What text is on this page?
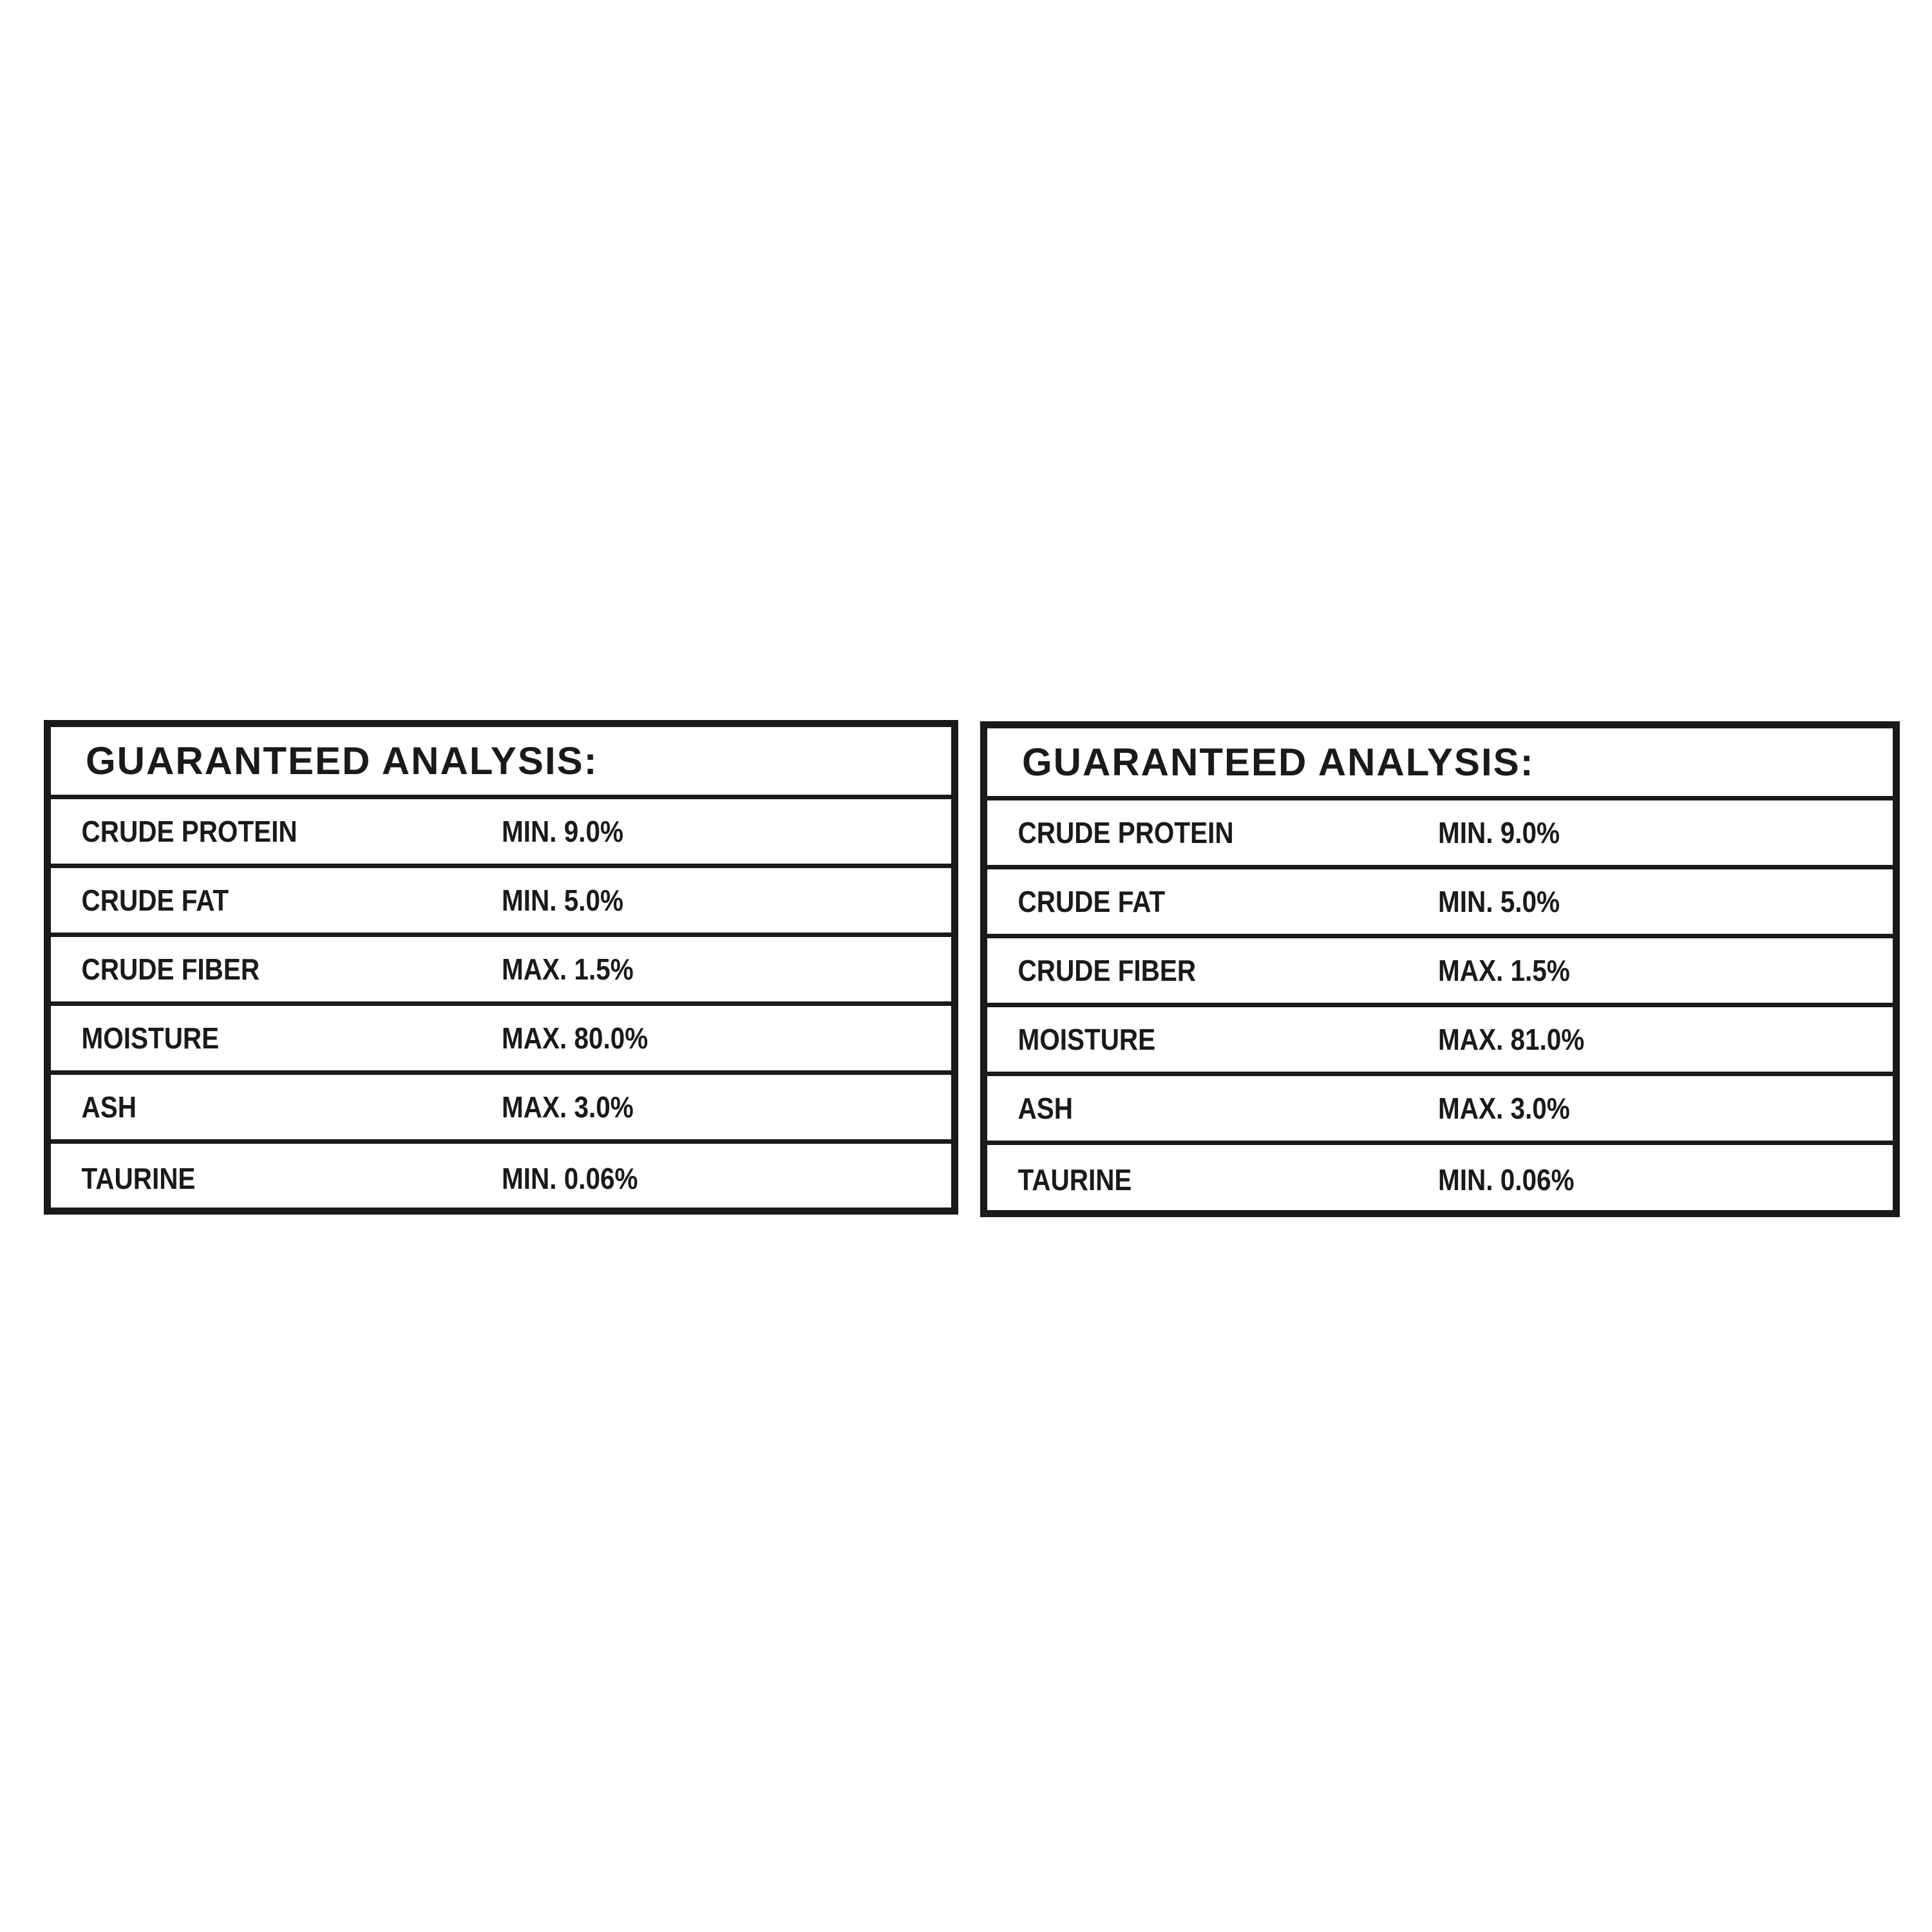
GUARANTEED ANALYSIS:
CRUDE PROTEIN	MIN. 9.0%
CRUDE FAT	MIN. 5.0%
CRUDE FIBER	MAX. 1.5%
MOISTURE	MAX. 80.0%
ASH	MAX. 3.0%
TAURINE	MIN. 0.06%
GUARANTEED ANALYSIS:
CRUDE PROTEIN	MIN. 9.0%
CRUDE FAT	MIN. 5.0%
CRUDE FIBER	MAX. 1.5%
MOISTURE	MAX. 81.0%
ASH	MAX. 3.0%
TAURINE	MIN. 0.06%
